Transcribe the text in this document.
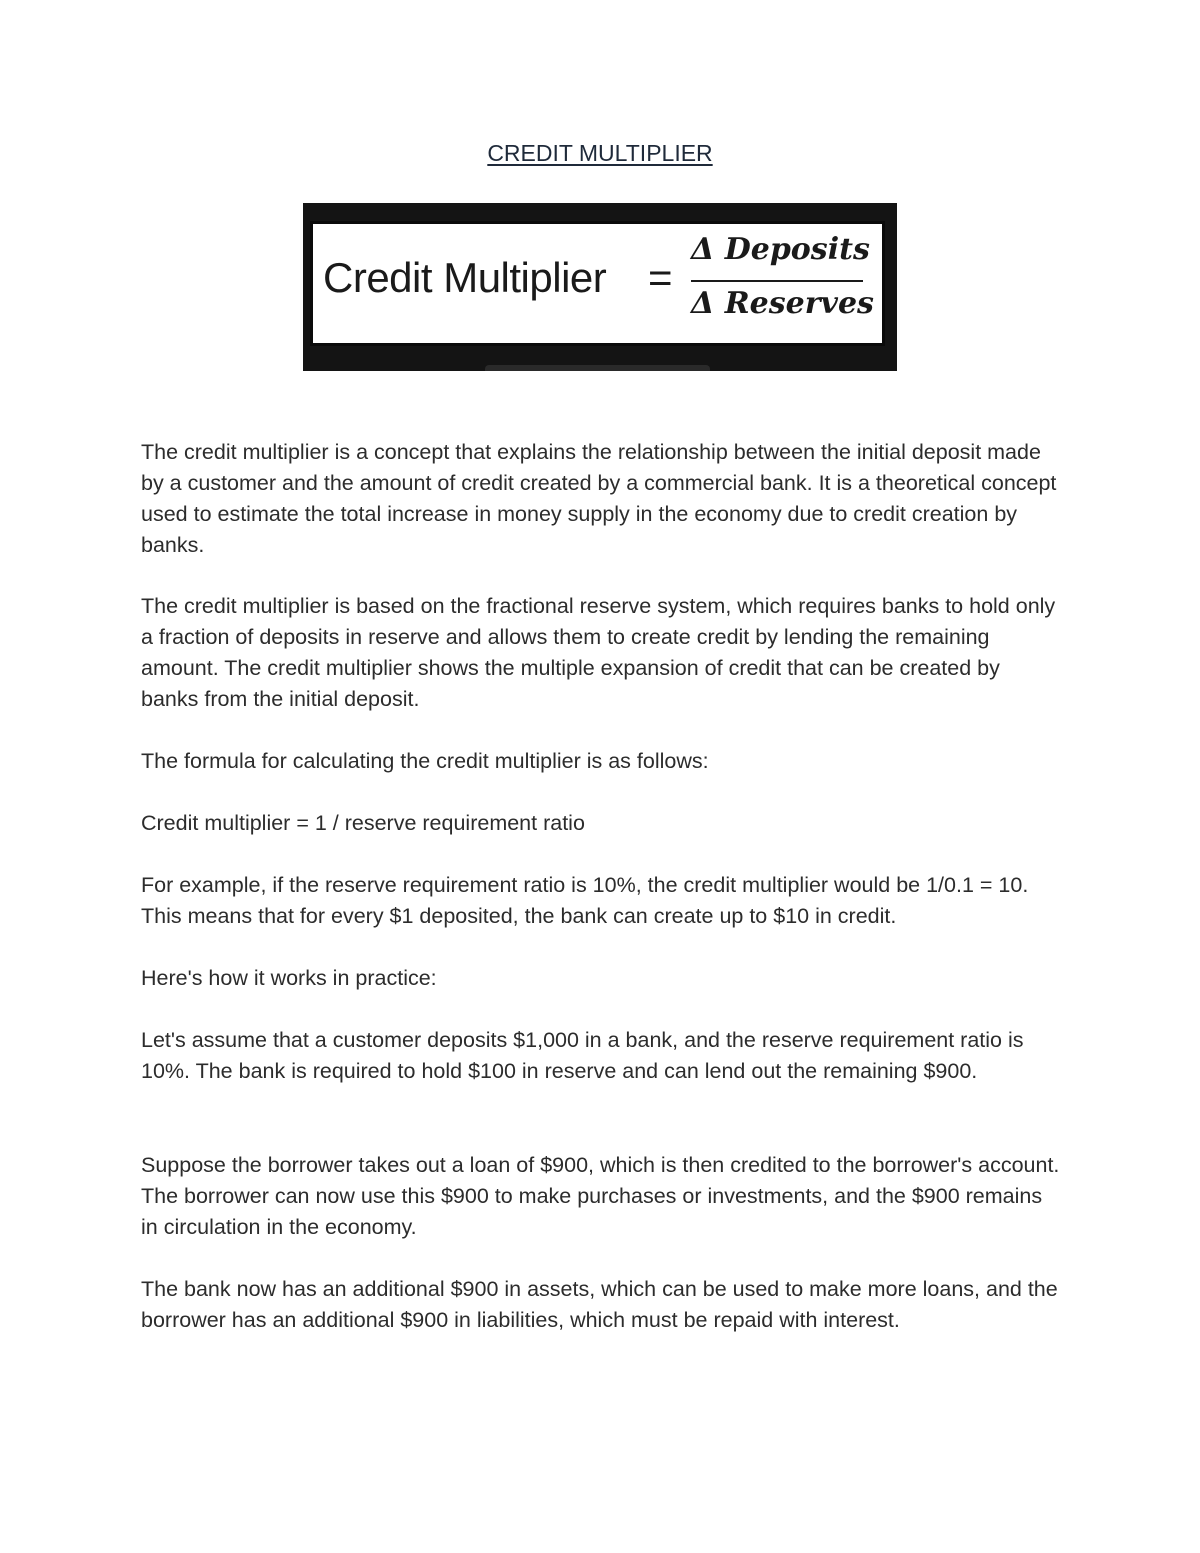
CREDIT MULTIPLIER
Credit Multiplier =
Δ Deposits
Δ Reserves

The credit multiplier is a concept that explains the relationship between the initial deposit made by a customer and the amount of credit created by a commercial bank. It is a theoretical concept used to estimate the total increase in money supply in the economy due to credit creation by banks.

The credit multiplier is based on the fractional reserve system, which requires banks to hold only a fraction of deposits in reserve and allows them to create credit by lending the remaining amount. The credit multiplier shows the multiple expansion of credit that can be created by banks from the initial deposit.

The formula for calculating the credit multiplier is as follows:

Credit multiplier = 1 / reserve requirement ratio

For example, if the reserve requirement ratio is 10%, the credit multiplier would be 1/0.1 = 10. This means that for every $1 deposited, the bank can create up to $10 in credit.

Here's how it works in practice:

Let's assume that a customer deposits $1,000 in a bank, and the reserve requirement ratio is 10%. The bank is required to hold $100 in reserve and can lend out the remaining $900.

Suppose the borrower takes out a loan of $900, which is then credited to the borrower's account. The borrower can now use this $900 to make purchases or investments, and the $900 remains in circulation in the economy.

The bank now has an additional $900 in assets, which can be used to make more loans, and the borrower has an additional $900 in liabilities, which must be repaid with interest.
